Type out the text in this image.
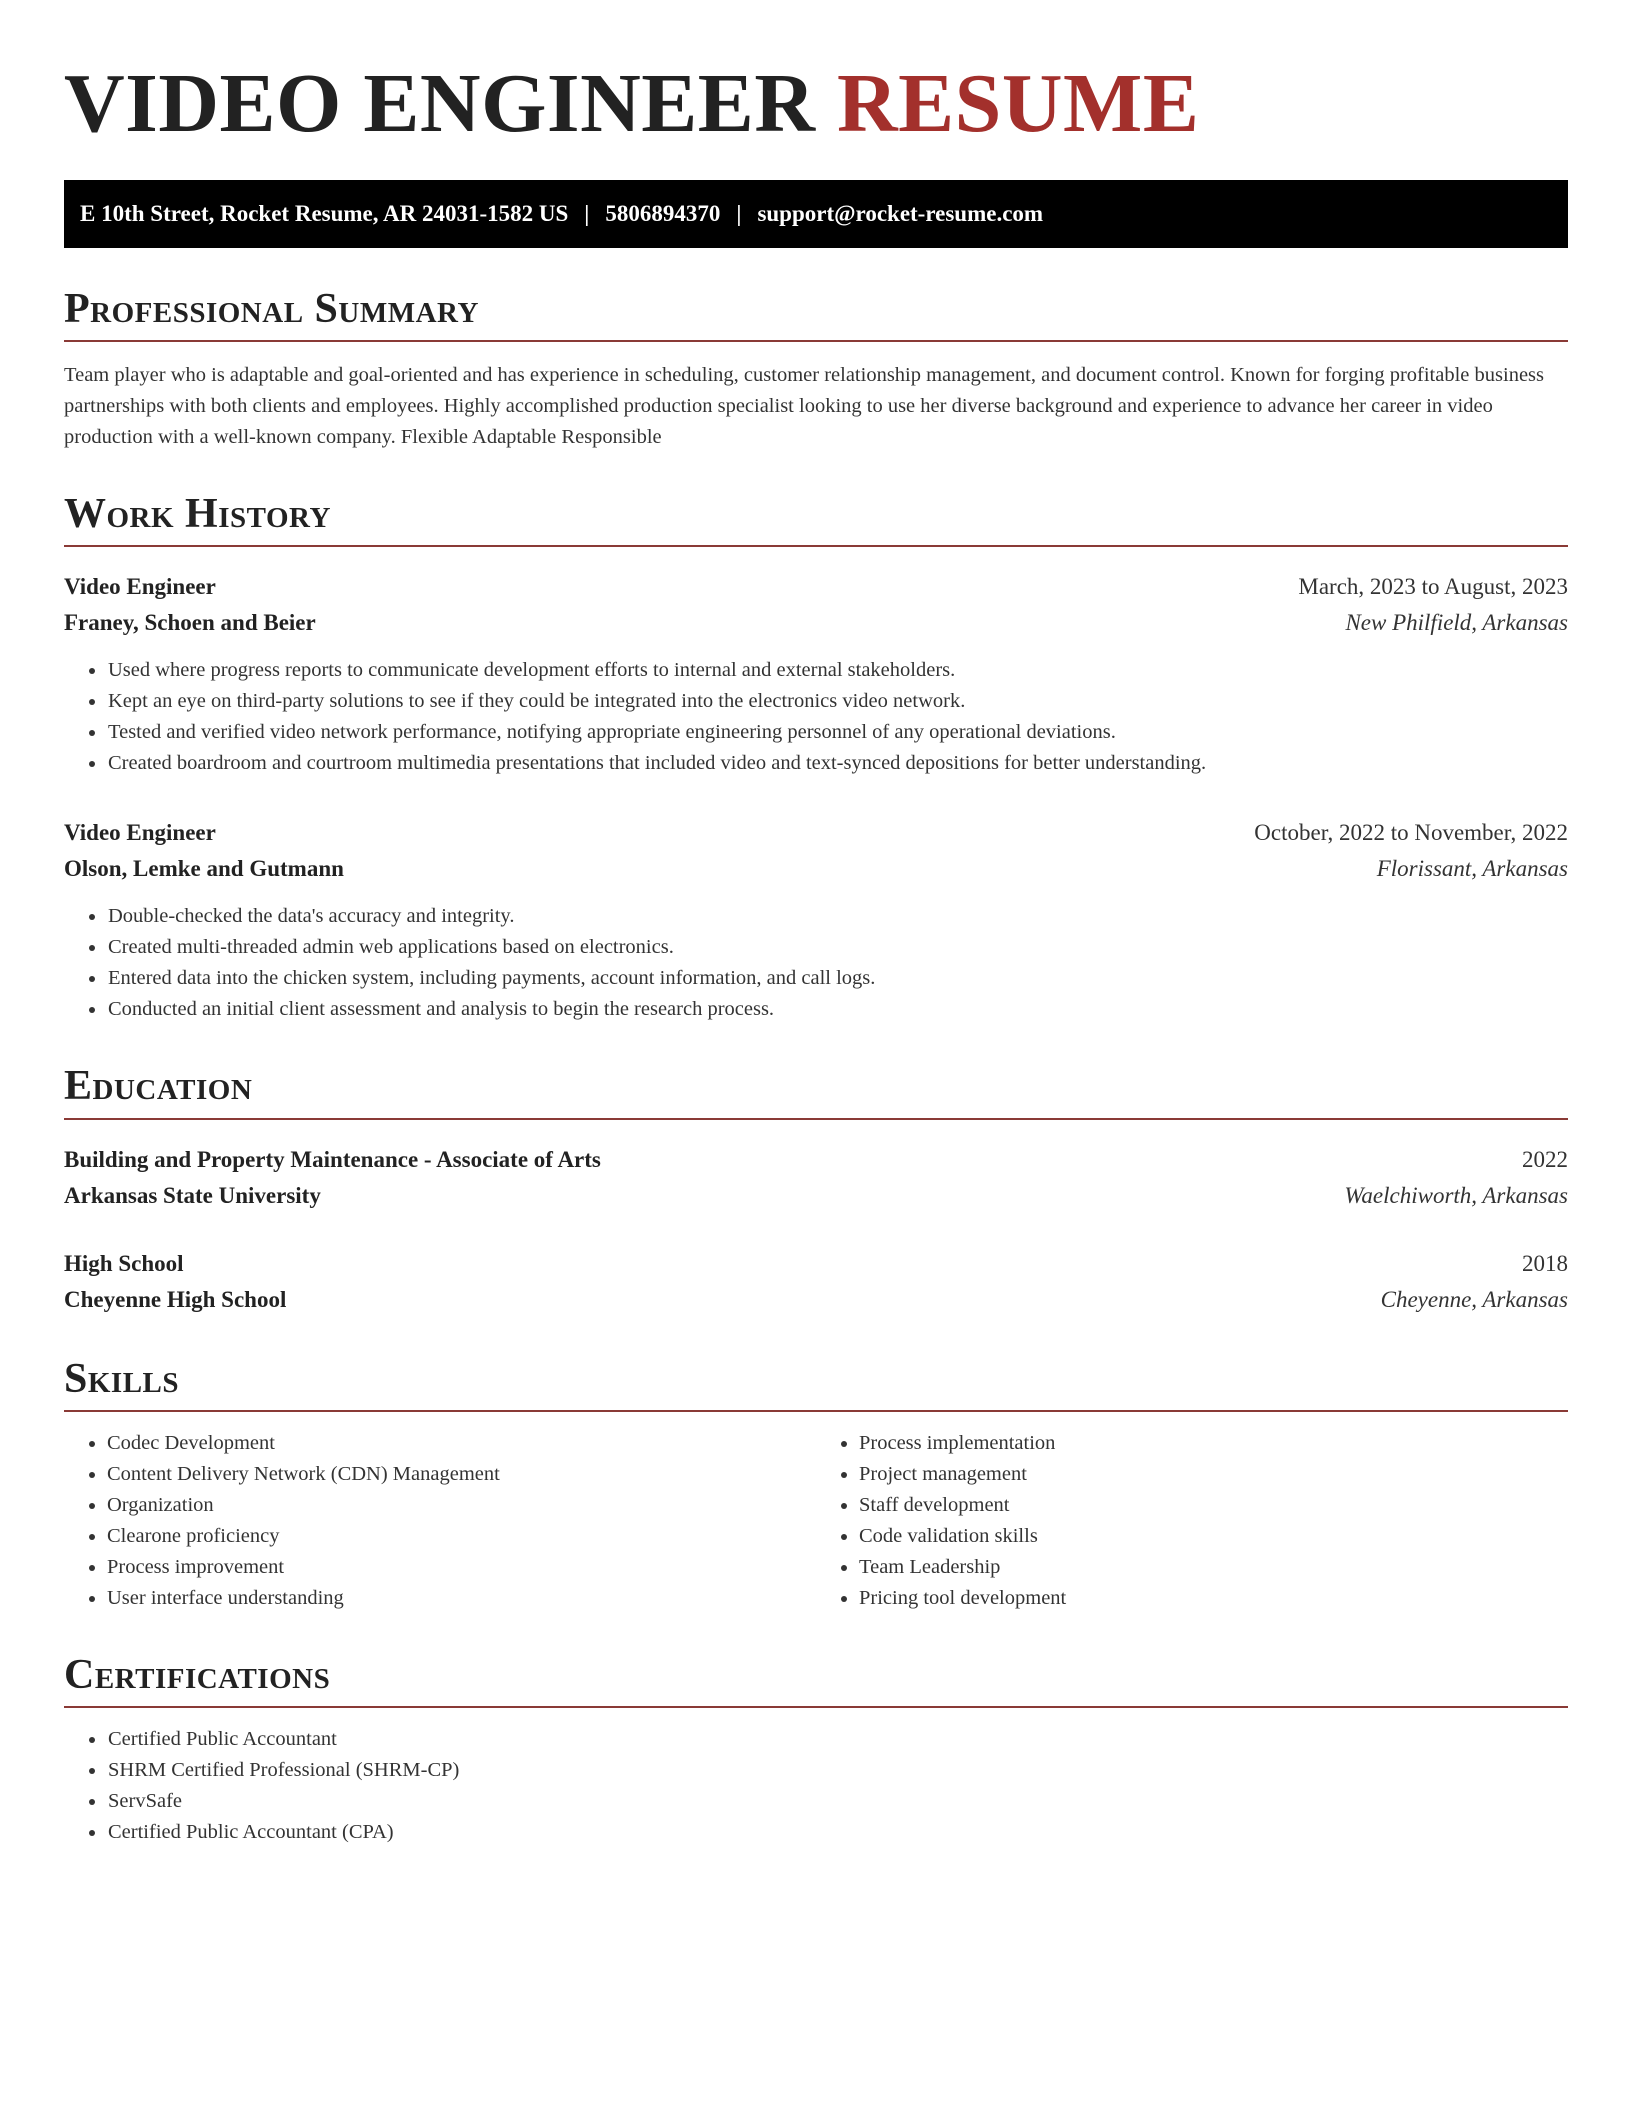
VIDEO ENGINEER RESUME
E 10th Street, Rocket Resume, AR 24031-1582 US | 5806894370 | support@rocket-resume.com
Professional Summary

Team player who is adaptable and goal-oriented and has experience in scheduling, customer relationship management, and document control. Known for forging profitable business partnerships with both clients and employees. Highly accomplished production specialist looking to use her diverse background and experience to advance her career in video production with a well-known company. Flexible Adaptable Responsible

Work History
Video Engineer	March, 2023 to August, 2023
Franey, Schoen and Beier	New Philfield, Arkansas
• Used where progress reports to communicate development efforts to internal and external stakeholders.
• Kept an eye on third-party solutions to see if they could be integrated into the electronics video network.
• Tested and verified video network performance, notifying appropriate engineering personnel of any operational deviations.
• Created boardroom and courtroom multimedia presentations that included video and text-synced depositions for better understanding.
Video Engineer	October, 2022 to November, 2022
Olson, Lemke and Gutmann	Florissant, Arkansas
• Double-checked the data's accuracy and integrity.
• Created multi-threaded admin web applications based on electronics.
• Entered data into the chicken system, including payments, account information, and call logs.
• Conducted an initial client assessment and analysis to begin the research process.
Education
Building and Property Maintenance - Associate of Arts	2022
Arkansas State University	Waelchiworth, Arkansas
High School	2018
Cheyenne High School	Cheyenne, Arkansas
Skills
• Codec Development
• Content Delivery Network (CDN) Management
• Organization
• Clearone proficiency
• Process improvement
• User interface understanding
• Process implementation
• Project management
• Staff development
• Code validation skills
• Team Leadership
• Pricing tool development
Certifications
• Certified Public Accountant
• SHRM Certified Professional (SHRM-CP)
• ServSafe
• Certified Public Accountant (CPA)
